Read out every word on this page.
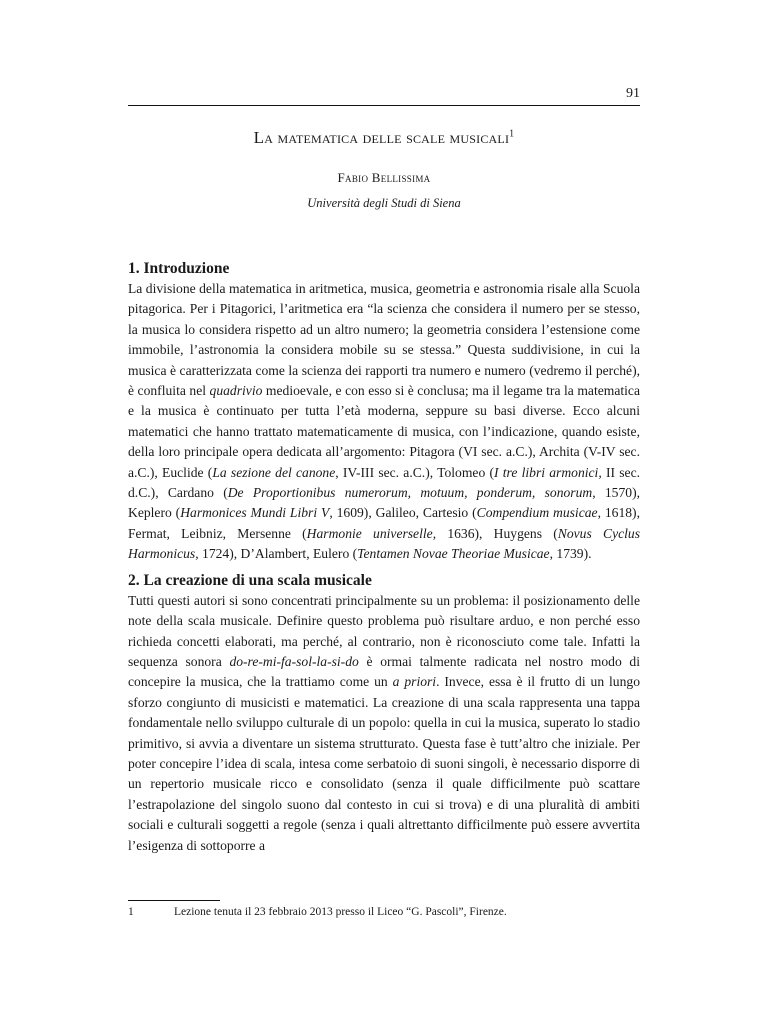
91
La matematica delle scale musicali$^1$
Fabio Bellissima
Università degli Studi di Siena
1. Introduzione

La divisione della matematica in aritmetica, musica, geometria e astronomia risale alla Scuola pitagorica. Per i Pitagorici, l’aritmetica era “la scienza che considera il numero per se stesso, la musica lo considera rispetto ad un altro numero; la geometria considera l’estensione come immobile, l’astronomia la considera mobile su se stessa.” Questa suddivisione, in cui la musica è caratterizzata come la scienza dei rapporti tra numero e numero (vedremo il perché), è confluita nel quadrivio medioevale, e con esso si è conclusa; ma il legame tra la matematica e la musica è continuato per tutta l’età moderna, seppure su basi diverse. Ecco alcuni matematici che hanno trattato matematicamente di musica, con l’indicazione, quando esiste, della loro principale opera dedicata all’argomento: Pitagora (VI sec. a.C.), Archita (V-IV sec. a.C.), Euclide (La sezione del canone, IV-III sec. a.C.), Tolomeo (I tre libri armonici, II sec. d.C.), Cardano (De Proportionibus numerorum, motuum, ponderum, sonorum, 1570), Keplero (Harmonices Mundi Libri V, 1609), Galileo, Cartesio (Compendium musicae, 1618), Fermat, Leibniz, Mersenne (Harmonie universelle, 1636), Huygens (Novus Cyclus Harmonicus, 1724), D’Alambert, Eulero (Tentamen Novae Theoriae Musicae, 1739).

2. La creazione di una scala musicale

Tutti questi autori si sono concentrati principalmente su un problema: il posizionamento delle note della scala musicale. Definire questo problema può risultare arduo, e non perché esso richieda concetti elaborati, ma perché, al contrario, non è riconosciuto come tale. Infatti la sequenza sonora do-re-mi-fa-sol-la-si-do è ormai talmente radicata nel nostro modo di concepire la musica, che la trattiamo come un a priori. Invece, essa è il frutto di un lungo sforzo congiunto di musicisti e matematici. La creazione di una scala rappresenta una tappa fondamentale nello sviluppo culturale di un popolo: quella in cui la musica, superato lo stadio primitivo, si avvia a diventare un sistema strutturato. Questa fase è tutt’altro che iniziale. Per poter concepire l’idea di scala, intesa come serbatoio di suoni singoli, è necessario disporre di un repertorio musicale ricco e consolidato (senza il quale difficilmente può scattare l’estrapolazione del singolo suono dal contesto in cui si trova) e di una pluralità di ambiti sociali e culturali soggetti a regole (senza i quali altrettanto difficilmente può essere avvertita l’esigenza di sottoporre a

1	Lezione tenuta il 23 febbraio 2013 presso il Liceo “G. Pascoli”, Firenze.
